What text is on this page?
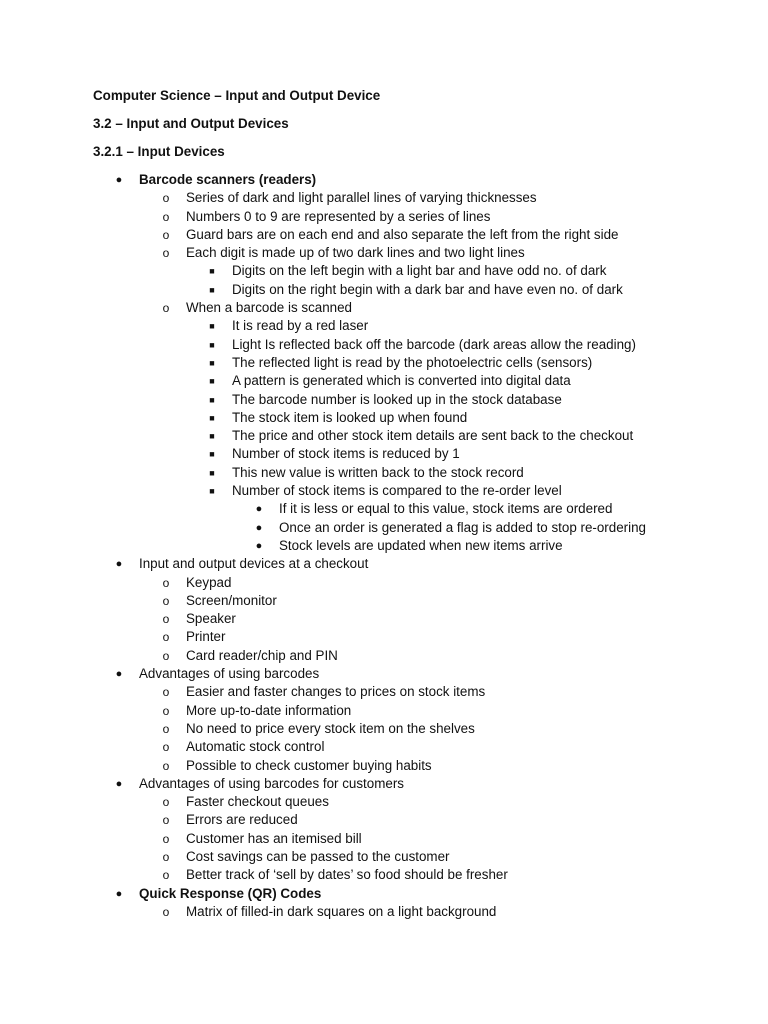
Computer Science – Input and Output Device
3.2 – Input and Output Devices
3.2.1 – Input Devices
●	Barcode scanners (readers)
o	Series of dark and light parallel lines of varying thicknesses
o	Numbers 0 to 9 are represented by a series of lines
o	Guard bars are on each end and also separate the left from the right side
o	Each digit is made up of two dark lines and two light lines
■	Digits on the left begin with a light bar and have odd no. of dark
■	Digits on the right begin with a dark bar and have even no. of dark
o	When a barcode is scanned
■	It is read by a red laser
■	Light Is reflected back off the barcode (dark areas allow the reading)
■	The reflected light is read by the photoelectric cells (sensors)
■	A pattern is generated which is converted into digital data
■	The barcode number is looked up in the stock database
■	The stock item is looked up when found
■	The price and other stock item details are sent back to the checkout
■	Number of stock items is reduced by 1
■	This new value is written back to the stock record
■	Number of stock items is compared to the re-order level
●	If it is less or equal to this value, stock items are ordered
●	Once an order is generated a flag is added to stop re-ordering
●	Stock levels are updated when new items arrive
●	Input and output devices at a checkout
o	Keypad
o	Screen/monitor
o	Speaker
o	Printer
o	Card reader/chip and PIN
●	Advantages of using barcodes
o	Easier and faster changes to prices on stock items
o	More up-to-date information
o	No need to price every stock item on the shelves
o	Automatic stock control
o	Possible to check customer buying habits
●	Advantages of using barcodes for customers
o	Faster checkout queues
o	Errors are reduced
o	Customer has an itemised bill
o	Cost savings can be passed to the customer
o	Better track of ‘sell by dates’ so food should be fresher
●	Quick Response (QR) Codes
o	Matrix of filled-in dark squares on a light background
